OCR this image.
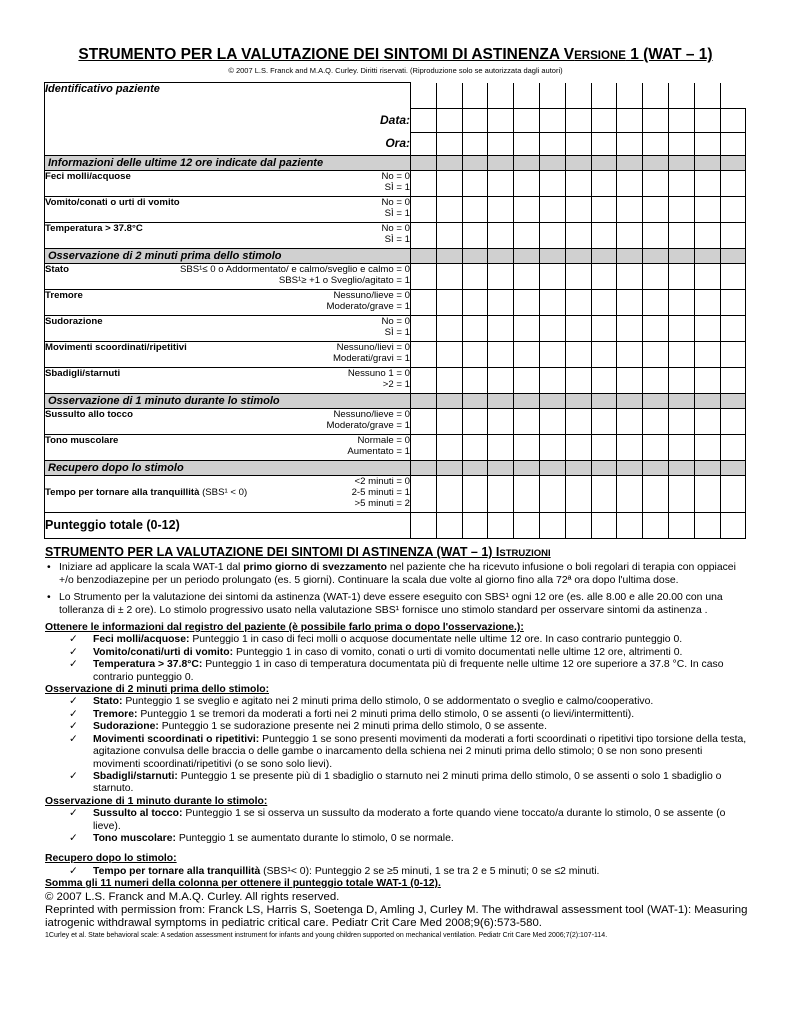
STRUMENTO PER LA VALUTAZIONE DEI SINTOMI DI ASTINENZA VERSIONE 1 (WAT – 1)
© 2007 L.S. Franck and M.A.Q. Curley. Diritti riservati. (Riproduzione solo se autorizzata dagli autori)
Identificativo paziente													

Data:													

Ora:													

Informazioni delle ultime 12 ore indicate dal paziente													

Feci molli/acquose No = 0
SÌ = 1													

Vomito/conati o urti di vomito No = 0
SÌ = 1													

Temperatura > 37.8°C No = 0
SÌ = 1													

Osservazione di 2 minuti prima dello stimolo													

Stato SBS¹≤ 0 o Addormentato/ e calmo/sveglio e calmo = 0
SBS¹≥ +1 o Sveglio/agitato = 1													

Tremore Nessuno/lieve = 0
Moderato/grave = 1													

Sudorazione No = 0
SÌ = 1													

Movimenti scoordinati/ripetitivi Nessuno/lievi = 0
Moderati/gravi = 1													

Sbadigli/starnuti Nessuno 1 = 0
>2 = 1													

Osservazione di 1 minuto durante lo stimolo													

Sussulto allo tocco Nessuno/lieve = 0
Moderato/grave = 1													

Tono muscolare Normale = 0
Aumentato = 1													

Recupero dopo lo stimolo													

Tempo per tornare alla tranquillità (SBS¹ < 0)
<2 minuti = 0
2-5 minuti = 1
>5 minuti = 2													

Punteggio totale (0-12)													

STRUMENTO PER LA VALUTAZIONE DEI SINTOMI DI ASTINENZA (WAT – 1) ISTRUZIONI

• Iniziare ad applicare la scala WAT-1 dal primo giorno di svezzamento nel paziente che ha ricevuto infusione o boli regolari di terapia con oppiacei +/o benzodiazepine per un periodo prolungato (es. 5 giorni). Continuare la scala due volte al giorno fino alla 72ª ora dopo l'ultima dose.
• Lo Strumento per la valutazione dei sintomi da astinenza (WAT-1) deve essere eseguito con SBS¹ ogni 12 ore (es. alle 8.00 e alle 20.00 con una tolleranza di ± 2 ore). Lo stimolo progressivo usato nella valutazione SBS¹ fornisce uno stimolo standard per osservare sintomi da astinenza .

Ottenere le informazioni dal registro del paziente (è possibile farlo prima o dopo l'osservazione.):

✓ Feci molli/acquose: Punteggio 1 in caso di feci molli o acquose documentate nelle ultime 12 ore. In caso contrario punteggio 0.
✓ Vomito/conati/urti di vomito: Punteggio 1 in caso di vomito, conati o urti di vomito documentati nelle ultime 12 ore, altrimenti 0.
✓ Temperatura > 37.8°C: Punteggio 1 in caso di temperatura documentata più di frequente nelle ultime 12 ore superiore a 37.8 °C. In caso contrario punteggio 0.

Osservazione di 2 minuti prima dello stimolo:

✓ Stato: Punteggio 1 se sveglio e agitato nei 2 minuti prima dello stimolo, 0 se addormentato o sveglio e calmo/cooperativo.
✓ Tremore: Punteggio 1 se tremori da moderati a forti nei 2 minuti prima dello stimolo, 0 se assenti (o lievi/intermittenti).
✓ Sudorazione: Punteggio 1 se sudorazione presente nei 2 minuti prima dello stimolo, 0 se assente.
✓ Movimenti scoordinati o ripetitivi: Punteggio 1 se sono presenti movimenti da moderati a forti scoordinati o ripetitivi tipo torsione della testa, agitazione convulsa delle braccia o delle gambe o inarcamento della schiena nei 2 minuti prima dello stimolo; 0 se non sono presenti movimenti scoordinati/ripetitivi (o se sono solo lievi).
✓ Sbadigli/starnuti: Punteggio 1 se presente più di 1 sbadiglio o starnuto nei 2 minuti prima dello stimolo, 0 se assenti o solo 1 sbadiglio o starnuto.

Osservazione di 1 minuto durante lo stimolo:

✓ Sussulto al tocco: Punteggio 1 se si osserva un sussulto da moderato a forte quando viene toccato/a durante lo stimolo, 0 se assente (o lieve).
✓ Tono muscolare: Punteggio 1 se aumentato durante lo stimolo, 0 se normale.

Recupero dopo lo stimolo:

✓ Tempo per tornare alla tranquillità (SBS¹< 0): Punteggio 2 se ≥5 minuti, 1 se tra 2 e 5 minuti; 0 se ≤2 minuti.

Somma gli 11 numeri della colonna per ottenere il punteggio totale WAT-1 (0-12).

© 2007 L.S. Franck and M.A.Q. Curley. All rights reserved.

Reprinted with permission from: Franck LS, Harris S, Soetenga D, Amling J, Curley M. The withdrawal assessment tool (WAT-1): Measuring iatrogenic withdrawal symptoms in pediatric critical care. Pediatr Crit Care Med 2008;9(6):573-580.

1Curley et al. State behavioral scale: A sedation assessment instrument for infants and young children supported on mechanical ventilation. Pediatr Crit Care Med 2006;7(2):107-114.
